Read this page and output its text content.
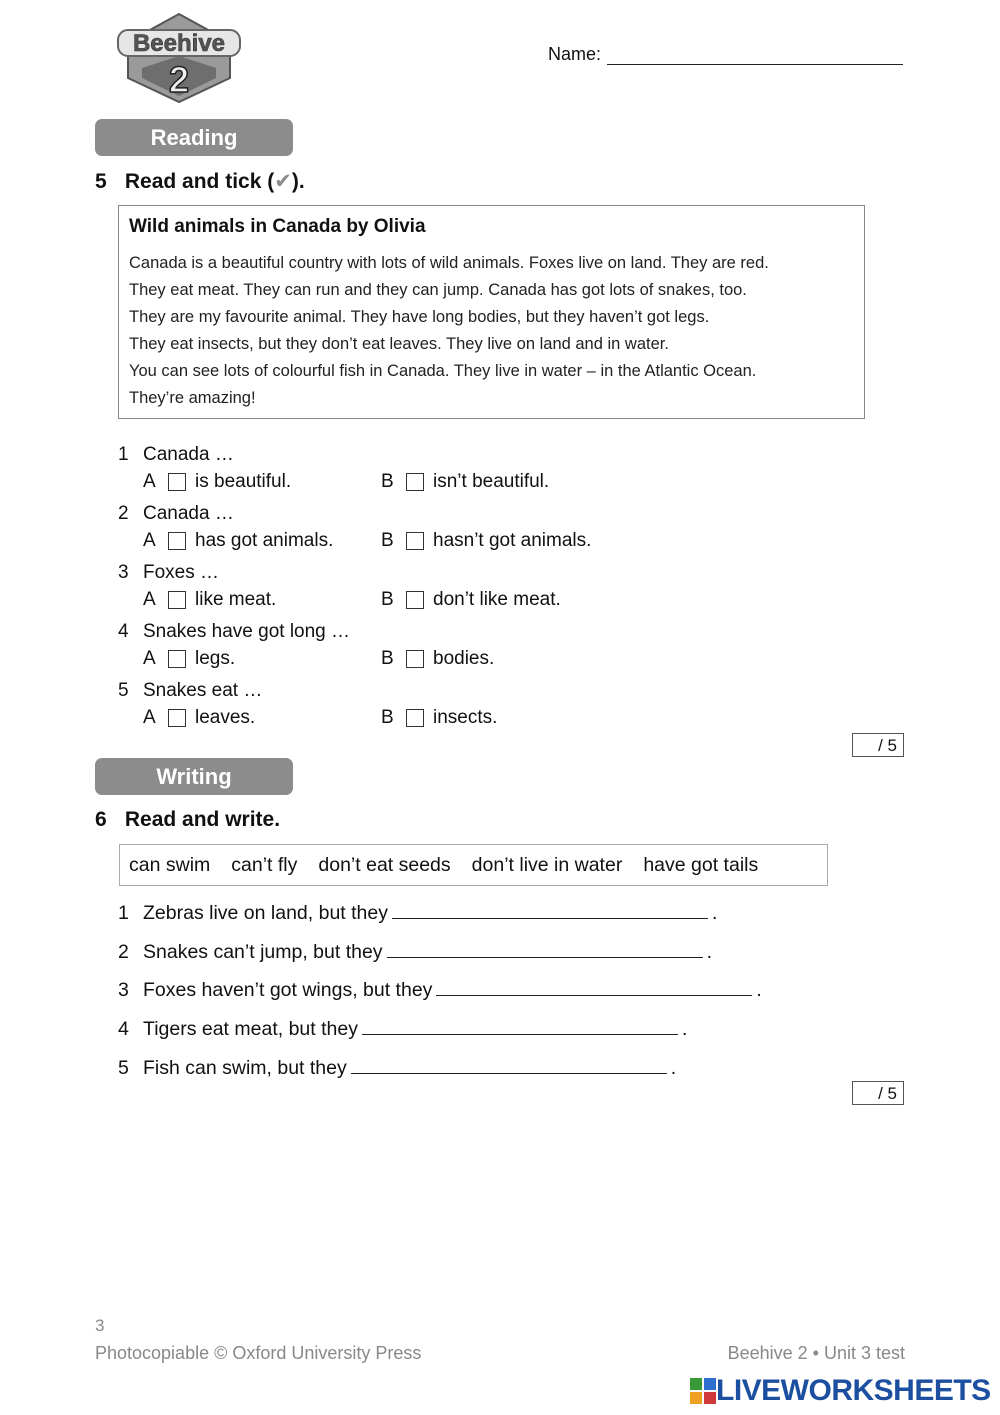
Beehive
2
Name:
Reading
5 Read and tick (✔).
Wild animals in Canada by Olivia
Canada is a beautiful country with lots of wild animals. Foxes live on land. They are red.
They eat meat. They can run and they can jump. Canada has got lots of snakes, too.
They are my favourite animal. They have long bodies, but they haven’t got legs.
They eat insects, but they don’t eat leaves. They live on land and in water.
You can see lots of colourful fish in Canada. They live in water – in the Atlantic Ocean.
They’re amazing!
1 Canada …
A	is beautiful.	B	isn’t beautiful.
2 Canada …
A	has got animals.	B	hasn’t got animals.
3 Foxes …
A	like meat.	B	don’t like meat.
4 Snakes have got long …
A	legs.	B	bodies.
5 Snakes eat …
A	leaves.	B	insects.
/ 5
Writing
6 Read and write.
can swim can’t fly don’t eat seeds don’t live in water have got tails
1 Zebras live on land, but they	.
2 Snakes can’t jump, but they	.
3 Foxes haven’t got wings, but they	.
4 Tigers eat meat, but they	.
5 Fish can swim, but they	.
/ 5
3
Photocopiable © Oxford University Press	Beehive 2 • Unit 3 test
LIVEWORKSHEETS
